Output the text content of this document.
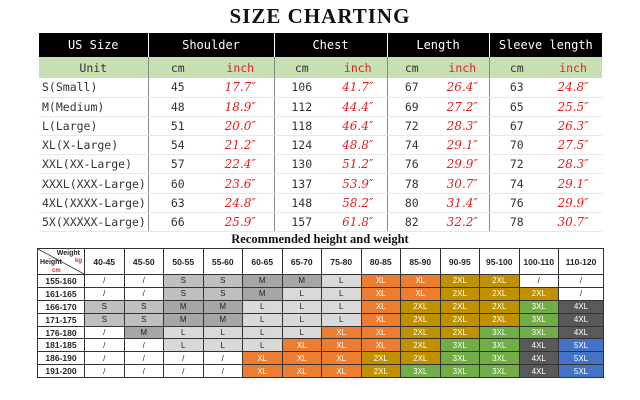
SIZE CHARTING
US Size	Shoulder		Chest		Length		Sleeve length	
Unit	cm	inch	cm	inch	cm	inch	cm	inch
S(Small)	45	17.7″	106	41.7″	67	26.4″	63	24.8″
M(Medium)	48	18.9″	112	44.4″	69	27.2″	65	25.5″
L(Large)	51	20.0″	118	46.4″	72	28.3″	67	26.3″
XL(X-Large)	54	21.2″	124	48.8″	74	29.1″	70	27.5″
XXL(XX-Large)	57	22.4″	130	51.2″	76	29.9″	72	28.3″
XXXL(XXX-Large)	60	23.6″	137	53.9″	78	30.7″	74	29.1″
4XL(XXXX-Large)	63	24.8″	148	58.2″	80	31.4″	76	29.9″
5X(XXXXX-Large)	66	25.9″	157	61.8″	82	32.2″	78	30.7″
Recommended height and weight
Weight
kg
Height
cm	40-45	45-50	50-55	55-60	60-65	65-70	75-80	80-85	85-90	90-95	95-100	100-110	110-120
155-160	/	/	S	S	M	M	L	XL	XL	2XL	2XL	/	/
161-165	/	/	S	S	M	L	L	XL	XL	2XL	2XL	2XL	/
166-170	S	S	M	M	L	L	L	XL	2XL	2XL	2XL	3XL	4XL
171-175	S	S	M	M	L	L	L	XL	2XL	2XL	2XL	3XL	4XL
176-180	/	M	L	L	L	L	XL	XL	2XL	2XL	3XL	3XL	4XL
181-185	/	/	L	L	L	XL	XL	XL	2XL	3XL	3XL	4XL	5XL
186-190	/	/	/	/	XL	XL	XL	2XL	2XL	3XL	3XL	4XL	5XL
191-200	/	/	/	/	XL	XL	XL	2XL	3XL	3XL	3XL	4XL	5XL
